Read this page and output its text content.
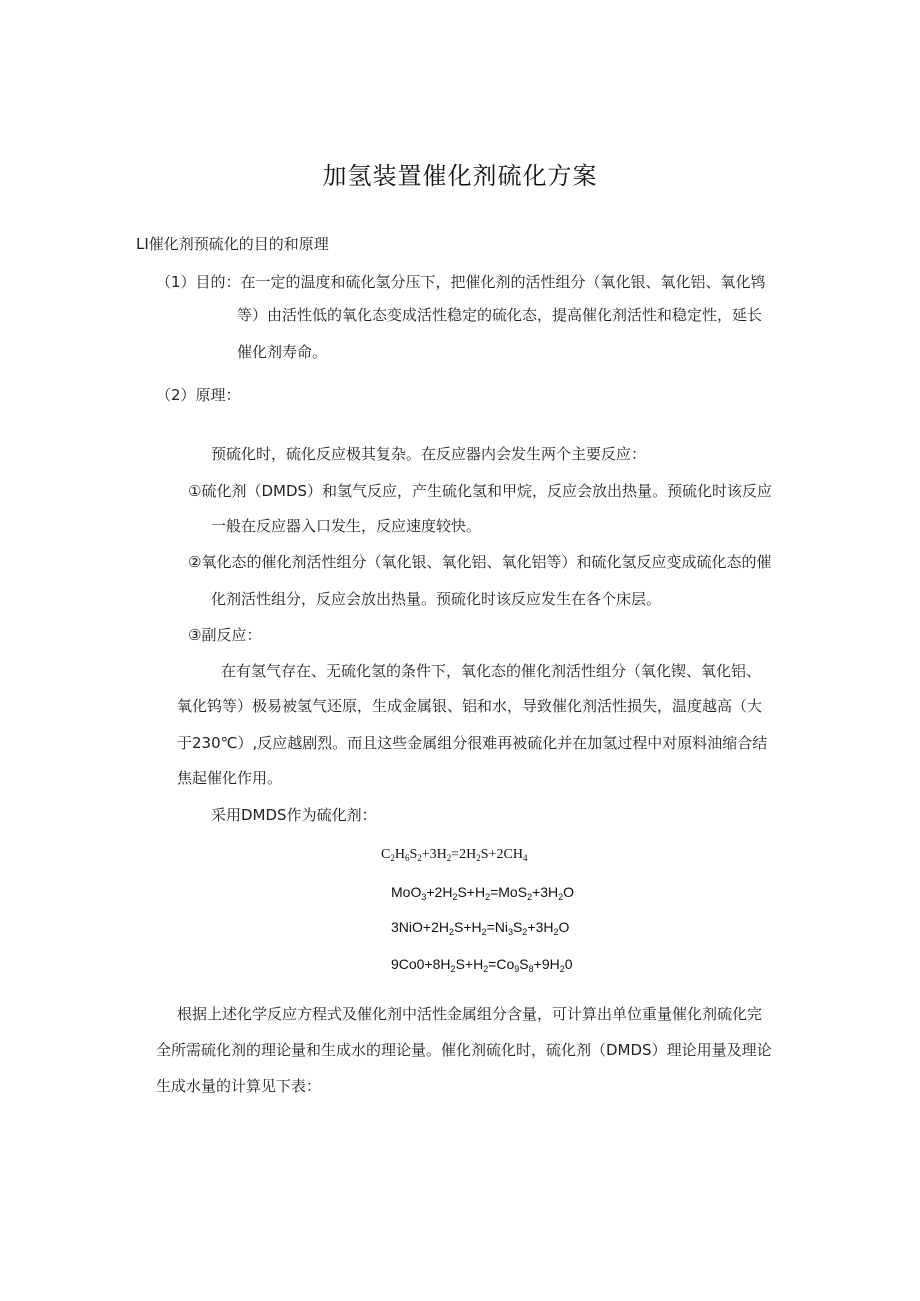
加氢装置催化剂硫化方案
LI催化剂预硫化的目的和原理
（1）目的：在一定的温度和硫化氢分压下，把催化剂的活性组分（氧化银、氧化铝、氧化鸨
等）由活性低的氧化态变成活性稳定的硫化态，提高催化剂活性和稳定性，延长
催化剂寿命。
（2）原理：
预硫化时，硫化反应极其复杂。在反应器内会发生两个主要反应：
①硫化剂（DMDS）和氢气反应，产生硫化氢和甲烷，反应会放出热量。预硫化时该反应
一般在反应器入口发生，反应速度较快。
②氧化态的催化剂活性组分（氧化银、氧化铝、氧化铝等）和硫化氢反应变成硫化态的催
化剂活性组分，反应会放出热量。预硫化时该反应发生在各个床层。
③副反应：
在有氢气存在、无硫化氢的条件下，氧化态的催化剂活性组分（氧化锲、氧化铝、
氧化钨等）极易被氢气还原，生成金属银、铝和水，导致催化剂活性损失，温度越高（大
于230℃）,反应越剧烈。而且这些金属组分很难再被硫化并在加氢过程中对原料油缩合结
焦起催化作用。
采用DMDS作为硫化剂：
$C_2H_6S_2+3H_2=2H_2S+2CH_4$
$MoO_3+2H_2S+H_2=MoS_2+3H_2O$
$3NiO+2H_2S+H_2=Ni_3S_2+3H_2O$
$9Co0+8H_2S+H_2=Co_9S_8+9H_20$
根据上述化学反应方程式及催化剂中活性金属组分含量，可计算出单位重量催化剂硫化完
全所需硫化剂的理论量和生成水的理论量。催化剂硫化时，硫化剂（DMDS）理论用量及理论
生成水量的计算见下表：
